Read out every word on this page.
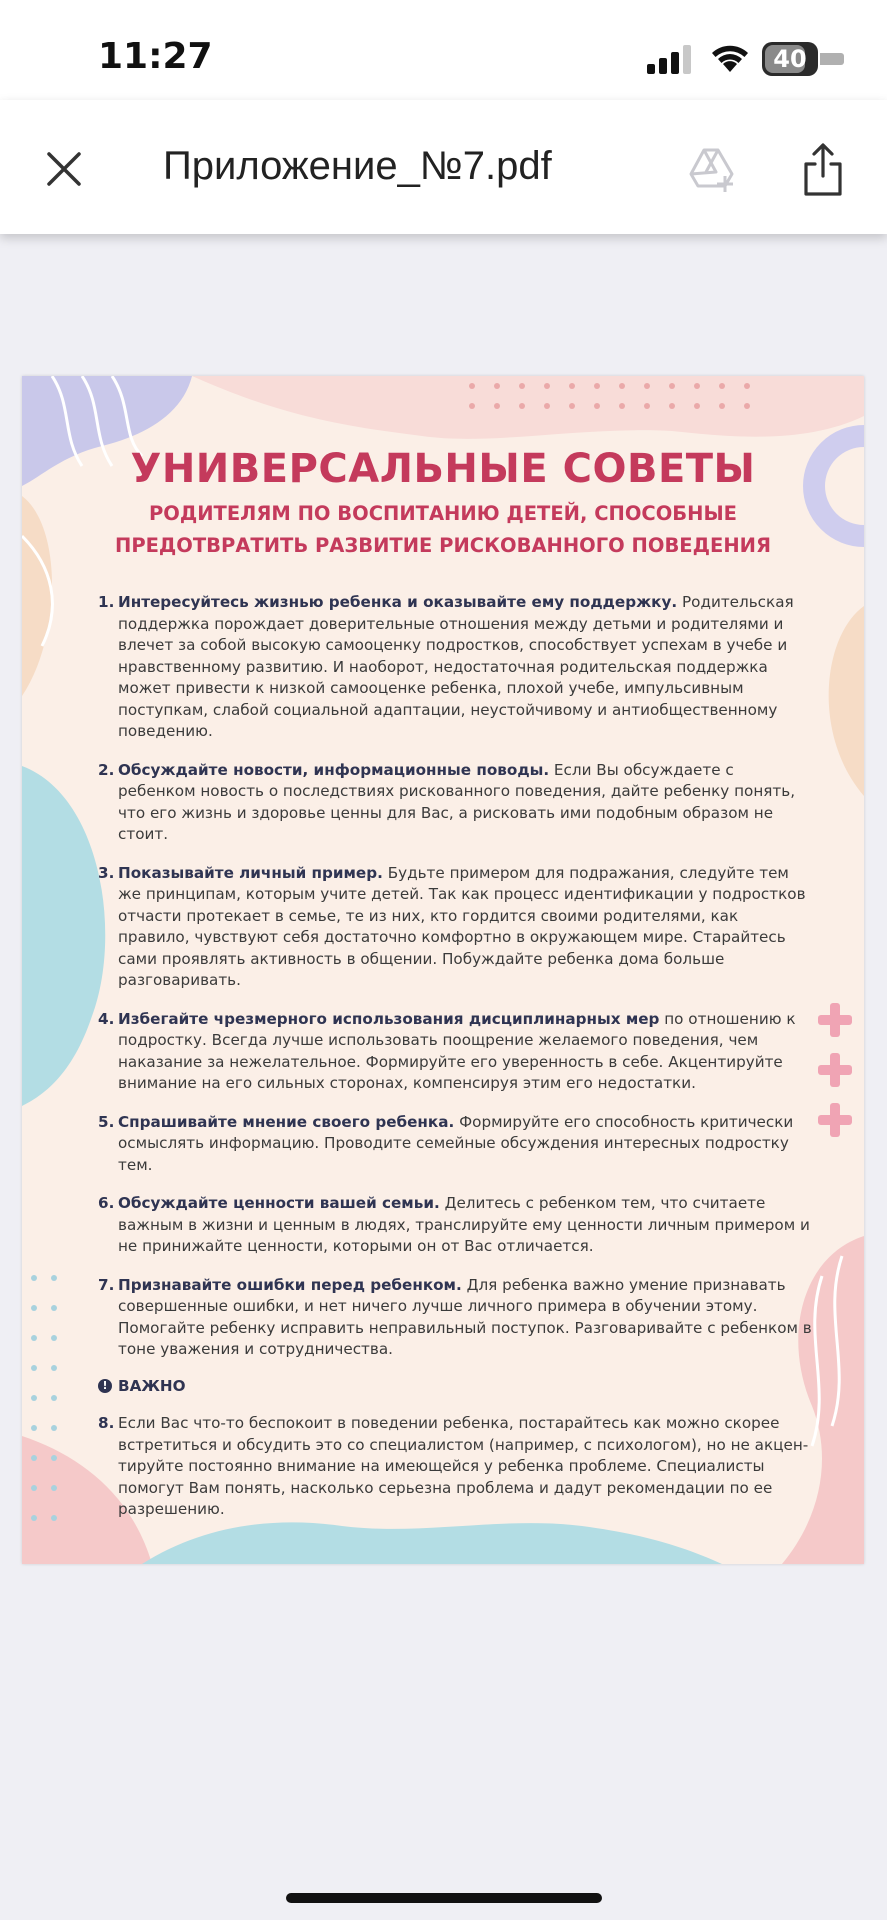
11:27	40
Приложение_№7.pdf
УНИВЕРСАЛЬНЫЕ СОВЕТЫ
РОДИТЕЛЯМ ПО ВОСПИТАНИЮ ДЕТЕЙ, СПОСОБНЫЕ
ПРЕДОТВРАТИТЬ РАЗВИТИЕ РИСКОВАННОГО ПОВЕДЕНИЯ
1. Интересуйтесь жизнью ребенка и оказывайте ему поддержку. Родительская поддержка порождает доверительные отношения между детьми и родителями и влечет за собой высокую самооценку подростков, способствует успехам в учебе и нравственному развитию. И наоборот, недостаточная родительская поддержка может привести к низкой самооценке ребенка, плохой учебе, импульсивным поступкам, слабой социальной адаптации, неустойчивому и антиобщественному поведению.
2. Обсуждайте новости, информационные поводы. Если Вы обсуждаете с ребенком новость о последствиях рискованного поведения, дайте ребенку понять, что его жизнь и здоровье ценны для Вас, а рисковать ими подобным образом не стоит.
3. Показывайте личный пример. Будьте примером для подражания, следуйте тем же принципам, которым учите детей. Так как процесс идентификации у подростков отчасти протекает в семье, те из них, кто гордится своими родителями, как правило, чувствуют себя достаточно комфортно в окружающем мире. Старайтесь сами проявлять активность в общении. Побуждайте ребенка дома больше разговаривать.
4. Избегайте чрезмерного использования дисциплинарных мер по отношению к подростку. Всегда лучше использовать поощрение желаемого поведения, чем наказание за нежелательное. Формируйте его уверенность в себе. Акцентируйте внимание на его сильных сторонах, компенсируя этим его недостатки.
5. Спрашивайте мнение своего ребенка. Формируйте его способность критически осмыслять информацию. Проводите семейные обсуждения интересных подростку тем.
6. Обсуждайте ценности вашей семьи. Делитесь с ребенком тем, что считаете важным в жизни и ценным в людях, транслируйте ему ценности личным примером и не принижайте ценности, которыми он от Вас отличается.
7. Признавайте ошибки перед ребенком. Для ребенка важно умение признавать совершенные ошибки, и нет ничего лучше личного примера в обучении этому. Помогайте ребенку исправить неправильный поступок. Разговаривайте с ребенком в тоне уважения и сотрудничества.
! ВАЖНО
8. Если Вас что-то беспокоит в поведении ребенка, постарайтесь как можно скорее встретиться и обсудить это со специалистом (например, с психологом), но не акцен-тируйте постоянно внимание на имеющейся у ребенка проблеме. Специалисты помогут Вам понять, насколько серьезна проблема и дадут рекомендации по ее разрешению.
